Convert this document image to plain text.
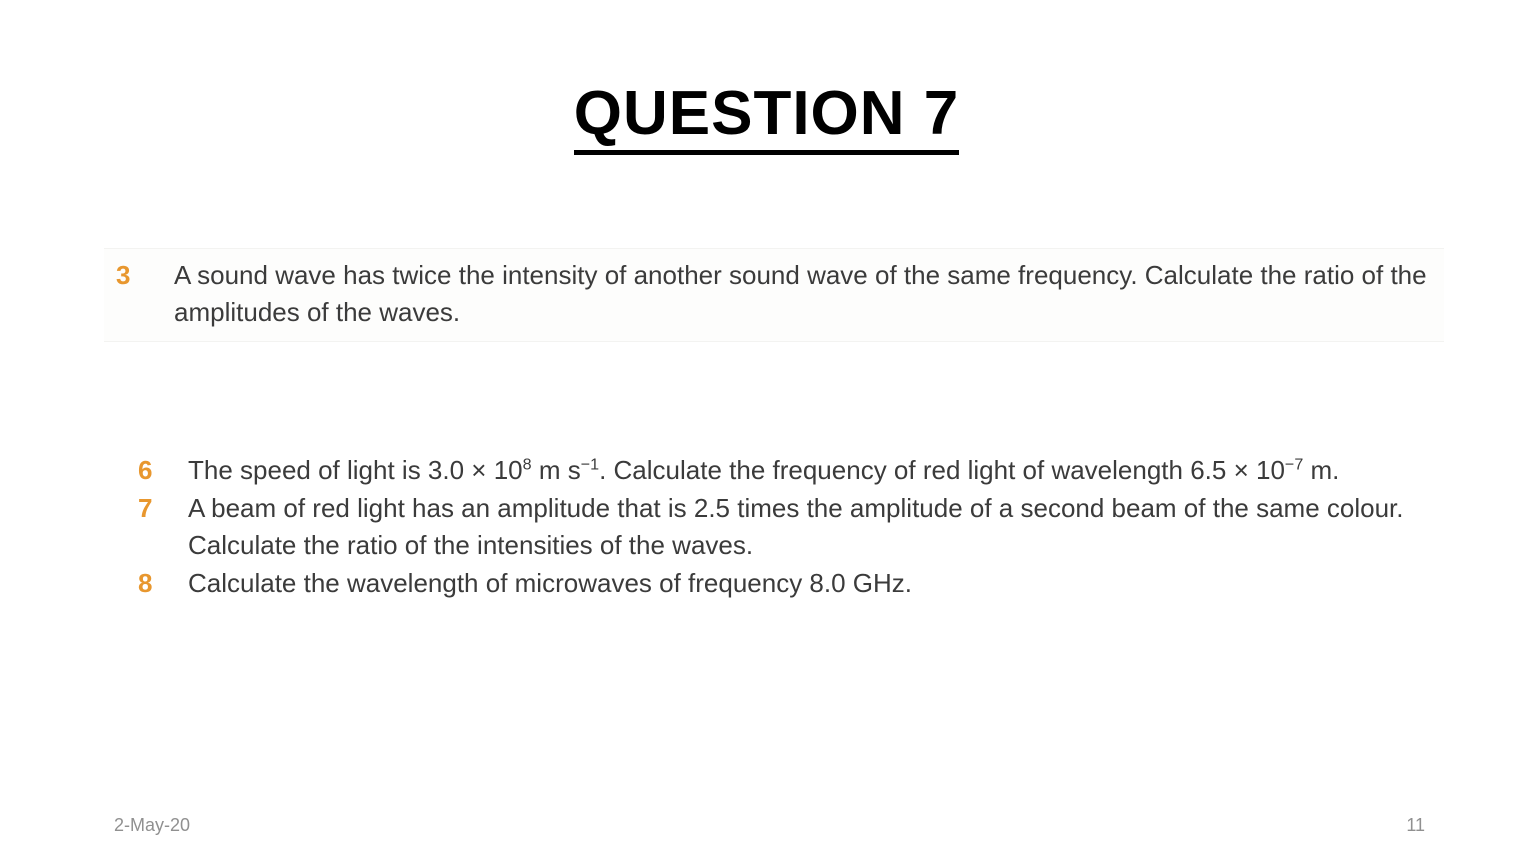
QUESTION 7
3	A sound wave has twice the intensity of another sound wave of the same frequency. Calculate the ratio of the amplitudes of the waves.
6	The speed of light is $3.0 \times 10^8$ m $s^{-1}$. Calculate the frequency of red light of wavelength $6.5 \times 10^{-7}$ m.
7	A beam of red light has an amplitude that is 2.5 times the amplitude of a second beam of the same colour. Calculate the ratio of the intensities of the waves.
8	Calculate the wavelength of microwaves of frequency 8.0 GHz.
2-May-20	11
